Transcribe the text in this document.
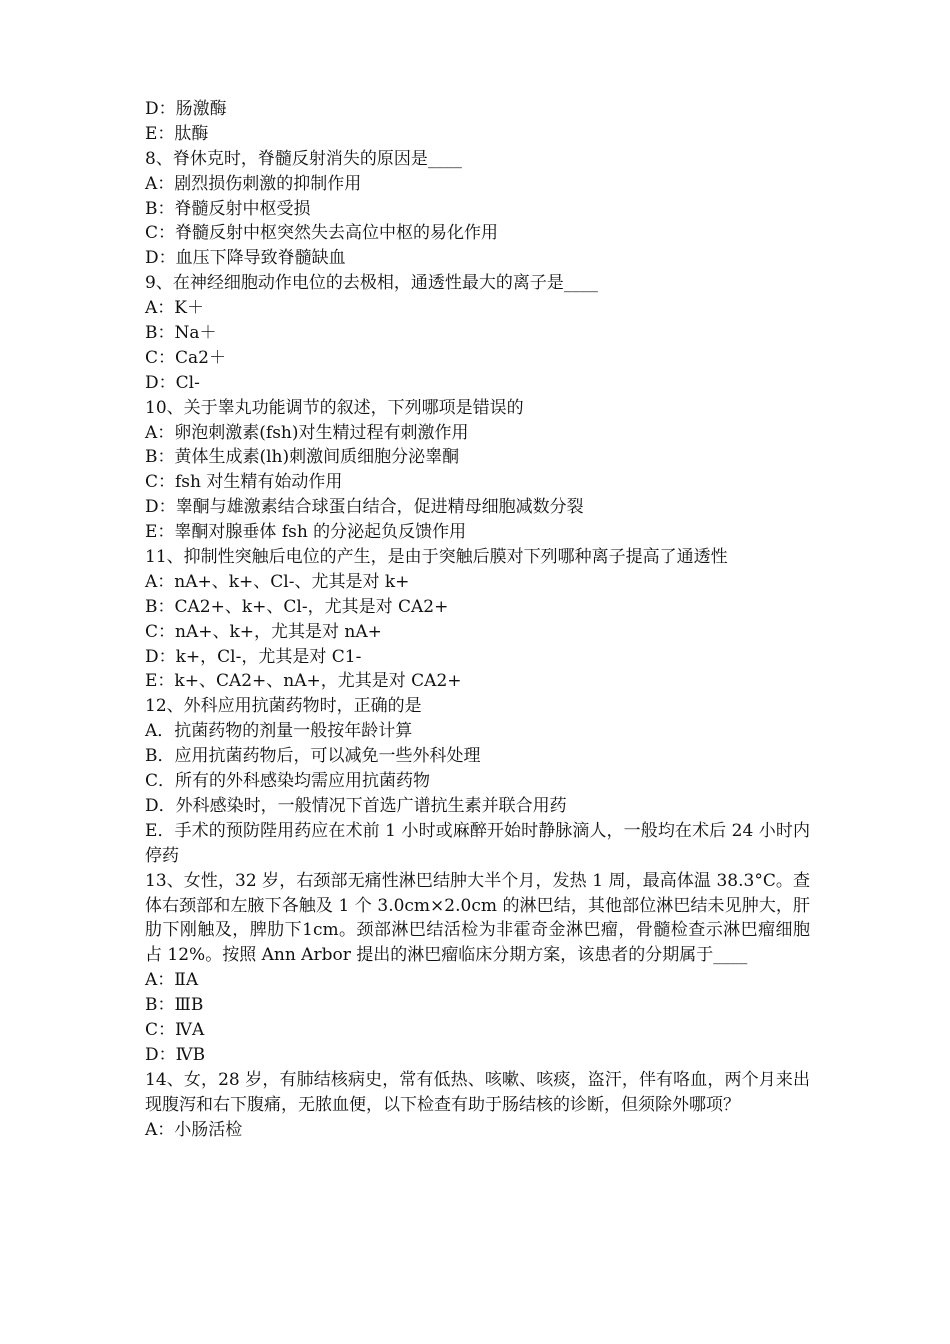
D：肠激酶
E：肽酶
8、脊休克时，脊髓反射消失的原因是____
A：剧烈损伤刺激的抑制作用
B：脊髓反射中枢受损
C：脊髓反射中枢突然失去高位中枢的易化作用
D：血压下降导致脊髓缺血
9、在神经细胞动作电位的去极相，通透性最大的离子是____
A：K＋
B：Na＋
C：Ca2＋
D：Cl-
10、关于睾丸功能调节的叙述，下列哪项是错误的
A：卵泡刺激素(fsh)对生精过程有刺激作用
B：黄体生成素(lh)刺激间质细胞分泌睾酮
C：fsh 对生精有始动作用
D：睾酮与雄激素结合球蛋白结合，促进精母细胞减数分裂
E：睾酮对腺垂体 fsh 的分泌起负反馈作用
11、抑制性突触后电位的产生，是由于突触后膜对下列哪种离子提高了通透性
A：nA+、k+、Cl-、尤其是对 k+
B：CA2+、k+、Cl-，尤其是对 CA2+
C：nA+、k+，尤其是对 nA+
D：k+，Cl-，尤其是对 C1-
E：k+、CA2+、nA+，尤其是对 CA2+
12、外科应用抗菌药物时，正确的是
A．抗菌药物的剂量一般按年龄计算
B．应用抗菌药物后，可以减免一些外科处理
C．所有的外科感染均需应用抗菌药物
D．外科感染时，一般情况下首选广谱抗生素并联合用药
E．手术的预防陛用药应在术前 1 小时或麻醉开始时静脉滴人，一般均在术后 24 小时内停药
13、女性，32 岁，右颈部无痛性淋巴结肿大半个月，发热 1 周，最高体温 38.3°C。查体右颈部和左腋下各触及 1 个 3.0cm×2.0cm 的淋巴结，其他部位淋巴结未见肿大，肝肋下刚触及，脾肋下1cm。颈部淋巴结活检为非霍奇金淋巴瘤，骨髓检查示淋巴瘤细胞占 12%。按照 Ann Arbor 提出的淋巴瘤临床分期方案，该患者的分期属于____
A：ⅡA
B：ⅢB
C：ⅣA
D：ⅣB
14、女，28 岁，有肺结核病史，常有低热、咳嗽、咳痰，盗汗，伴有咯血，两个月来出现腹泻和右下腹痛，无脓血便，以下检查有助于肠结核的诊断，但须除外哪项？
A：小肠活检
